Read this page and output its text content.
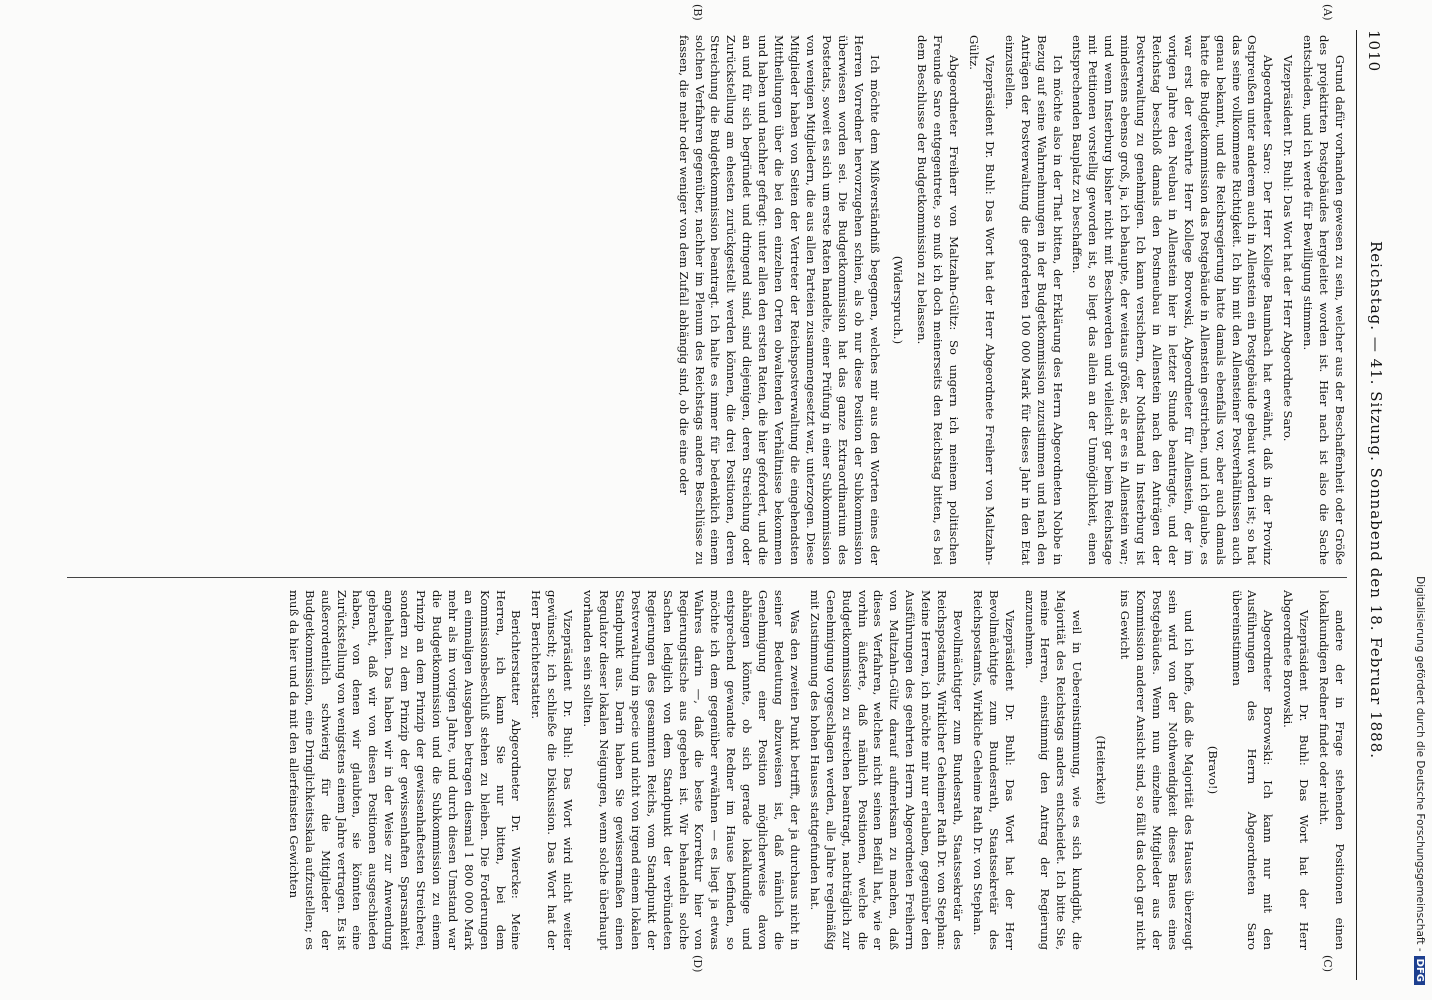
1010
Reichstag. — 41. Sitzung. Sonnabend den 18. Februar 1888.
(A)
(B)
(C)
(D)

Grund dafür vorhanden gewesen zu sein, welcher aus der Beschaffenheit oder Größe des projektirten Postgebäudes hergeleitet worden ist. Hier nach ist also die Sache entschieden, und ich werde für Bewilligung stimmen.

Vizepräsident Dr. Buhl: Das Wort hat der Herr Abgeordnete Saro.

Abgeordneter Saro: Der Herr Kollege Baumbach hat erwähnt, daß in der Provinz Ostpreußen unter anderem auch in Allenstein ein Postgebäude gebaut worden ist; so hat das seine vollkommene Richtigkeit. Ich bin mit den Allensteiner Postverhältnissen auch genau bekannt, und die Reichsregierung hatte damals ebenfalls vor, aber auch damals hatte die Budgetkommission das Postgebäude in Allenstein gestrichen, und ich glaube, es war erst der verehrte Herr Kollege Borowski, Abgeordneter für Allenstein, der im vorigen Jahre den Neubau in Allenstein hier in letzter Stunde beantragte, und der Reichstag beschloß damals den Postneubau in Allenstein nach den Anträgen der Postverwaltung zu genehmigen. Ich kann versichern, der Nothstand in Insterburg ist mindestens ebenso groß, ja, ich behaupte, der weitaus größer, als er es in Allenstein war; und wenn Insterburg bisher nicht mit Beschwerden und vielleicht gar beim Reichstage mit Petitionen vorstellig geworden ist, so liegt das allein an der Unmöglichkeit, einen entsprechenden Bauplatz zu beschaffen.

Ich möchte also in der That bitten, der Erklärung des Herrn Abgeordneten Nobbe in Bezug auf seine Wahrnehmungen in der Budgetkommission zuzustimmen und nach den Anträgen der Postverwaltung die geforderten 100 000 Mark für dieses Jahr in den Etat einzustellen.

Vizepräsident Dr. Buhl: Das Wort hat der Herr Abgeordnete Freiherr von Maltzahn-Gültz.

Abgeordneter Freiherr von Maltzahn-Gültz: So ungern ich meinem politischen Freunde Saro entgegentrete, so muß ich doch meinerseits den Reichstag bitten, es bei dem Beschlusse der Budgetkommission zu belassen.

(Widerspruch.)

Ich möchte dem Mißverständniß begegnen, welches mir aus den Worten eines der Herren Vorredner hervorzugehen schien, als ob nur diese Position der Subkommission überwiesen worden sei. Die Budgetkommission hat das ganze Extraordinarium des Postetats, soweit es sich um erste Raten handelte, einer Prüfung in einer Subkommission von wenigen Mitgliedern, die aus allen Parteien zusammengesetzt war, unterzogen. Diese Mitglieder haben von Seiten der Vertreter der Reichspostverwaltung die eingehendsten Mittheilungen über die bei den einzelnen Orten obwaltenden Verhältnisse bekommen und haben und nachher gefragt: unter allen den ersten Raten, die hier gefordert, und die an und für sich begründet und dringend sind, sind diejenigen, deren Streichung oder Zurückstellung am ehesten zurückgestellt werden können, die drei Positionen, deren Streichung die Budgetkommission beantragt. Ich halte es immer für bedenklich einem solchen Verfahren gegenüber, nachher im Plenum des Reichstags andere Beschlüsse zu fassen, die mehr oder weniger von dem Zufall abhängig sind, ob die eine oder

andere der in Frage stehenden Positionen einen lokalkundigen Redner findet oder nicht.

Vizepräsident Dr. Buhl: Das Wort hat der Herr Abgeordnete Borowski.

Abgeordneter Borowski: Ich kann nur mit den Ausführungen des Herrn Abgeordneten Saro übereinstimmen

(Bravo!)

und ich hoffe, daß die Majorität des Hauses überzeugt sein wird von der Nothwendigkeit dieses Baues eines Postgebäudes. Wenn nun einzelne Mitglieder aus der Kommission anderer Ansicht sind, so fällt das doch gar nicht ins Gewicht

(Heiterkeit)

weil in Uebereinstimmung, wie es sich kundgibt, die Majorität des Reichstags anders entscheidet. Ich bitte Sie, meine Herren, einstimmig den Antrag der Regierung anzunehmen.

Vizepräsident Dr. Buhl: Das Wort hat der Herr Bevollmächtigte zum Bundesrath, Staatssekretär des Reichspostamts, Wirkliche Geheime Rath Dr. von Stephan.

Bevollmächtigter zum Bundesrath, Staatssekretär des Reichspostamts, Wirklicher Geheimer Rath Dr. von Stephan: Meine Herren, ich möchte mir nur erlauben, gegenüber den Ausführungen des geehrten Herrn Abgeordneten Freiherrn von Maltzahn-Gültz darauf aufmerksam zu machen, daß dieses Verfahren, welches nicht seinen Beifall hat, wie er vorhin äußerte, daß nämlich Positionen, welche die Budgetkommission zu streichen beantragt, nachträglich zur Genehmigung vorgeschlagen werden, alle Jahre regelmäßig mit Zustimmung des hohen Hauses stattgefunden hat.

Was den zweiten Punkt betrifft, der ja durchaus nicht in seiner Bedeutung abzuweisen ist, daß nämlich die Genehmigung einer Position möglicherweise davon abhängen könnte, ob sich gerade lokalkundige und entsprechend gewandte Redner im Hause befinden, so möchte ich dem gegenüber erwähnen — es liegt ja etwas Wahres darin —, daß die beste Korrektur hier von Regierungstische aus gegeben ist. Wir behandeln solche Sachen lediglich von dem Standpunkt der verbündeten Regierungen des gesammten Reichs, vom Standpunkt der Postverwaltung in specie und nicht von irgend einem lokalen Standpunkt aus. Darin haben Sie gewissermaßen einen Regulator dieser lokalen Neigungen, wenn solche überhaupt vorhanden sein sollten.

Vizepräsident Dr. Buhl: Das Wort wird nicht weiter gewünscht; ich schließe die Diskussion. Das Wort hat der Herr Berichterstatter.

Berichterstatter Abgeordneter Dr. Wiercke: Meine Herren, ich kann Sie nur bitten, bei dem Kommissionsbeschluß stehen zu bleiben. Die Forderungen an einmaligen Ausgaben betragen diesmal 1 800 000 Mark mehr als im vorigen Jahre, und durch diesen Umstand war die Budgetkommission und die Subkommission zu einem Prinzip an dem Prinzip der gewissenhaftesten Streicherei, sondern zu dem Prinzip der gewissenhaften Sparsamkeit angehalten. Das haben wir in der Weise zur Anwendung gebracht, daß wir von diesen Positionen ausgeschieden haben, von denen wir glaubten, sie könnten eine Zurückstellung von wenigstens einem Jahre vertragen. Es ist außerordentlich schwierig für die Mitglieder der Budgetkommission, eine Dringlichkeitsskala aufzustellen; es muß da hier und da mit den allerfeinsten Gewichten	Digitalisierung gefördert durch die Deutsche Forschungsgemeinschaft -DFG
